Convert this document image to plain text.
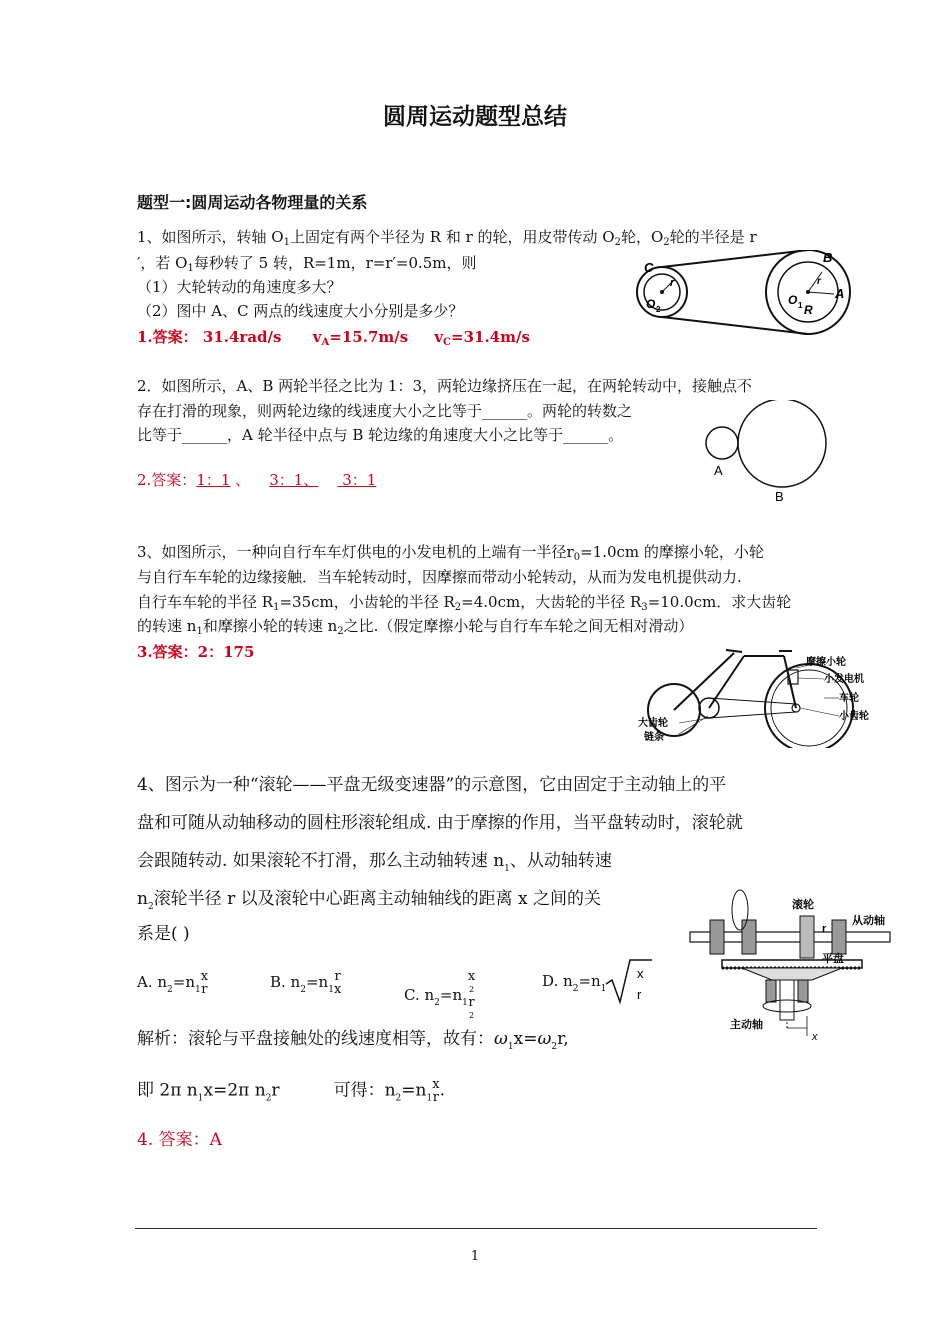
圆周运动题型总结
题型一:圆周运动各物理量的关系
1、如图所示，转轴 $O_1$上固定有两个半径为 R 和 r 的轮，用皮带传动 $O_2$轮，$O_2$轮的半径是 r
′，若 $O_1$每秒转了 5 转，R=1m，r=r′=0.5m，则
（1）大轮转动的角速度多大？
（2）图中 A、C 两点的线速度大小分别是多少？
1.答案： 31.4rad/s $v_A=15.7m/s$ $v_C=31.4m/s$
C
O 2
r
B
O 1 R
r
A
2．如图所示，A、B 两轮半径之比为 1：3，两轮边缘挤压在一起，在两轮转动中，接触点不
存在打滑的现象，则两轮边缘的线速度大小之比等于______。两轮的转数之
比等于______，A 轮半径中点与 B 轮边缘的角速度大小之比等于______。
2.答案：1：1 、    3：1、     3：1
A
B
3、如图所示，一种向自行车车灯供电的小发电机的上端有一半径$r_0=1.0cm$ 的摩擦小轮，小轮
与自行车车轮的边缘接触．当车轮转动时，因摩擦而带动小轮转动，从而为发电机提供动力.
自行车车轮的半径 $R_1=35cm$，小齿轮的半径 $R_2=4.0cm$，大齿轮的半径 $R_3=10.0cm$．求大齿轮
的转速 $n_1$和摩擦小轮的转速 $n_2$之比.（假定摩擦小轮与自行车车轮之间无相对滑动）
3.答案：2：175
摩擦小轮
小发电机
车轮
小齿轮
大齿轮
链条
4、图示为一种“滚轮——平盘无级变速器”的示意图，它由固定于主动轴上的平
盘和可随从动轴移动的圆柱形滚轮组成. 由于摩擦的作用，当平盘转动时，滚轮就
会跟随转动. 如果滚轮不打滑，那么主动轴转速 $n_1$、从动轴转速
$n_2$滚轮半径 r 以及滚轮中心距离主动轴轴线的距离 x 之间的关
系是( )
A. $n_2=n_1$
x
r	B. $n_2=n_1$
r
x	C. $n_2=n_1$
x
2
r
2
D. $n_2=n_1$
x
r
解析：滚轮与平盘接触处的线速度相等，故有：$\omega_1x=\omega_2r$,
即 2π $n_1x=2\pi$ $n_2r$	可得：$n_2=n_1$
x
r .
4. 答案：A
滚轮
从动轴
平盘
主动轴
r
x
1
